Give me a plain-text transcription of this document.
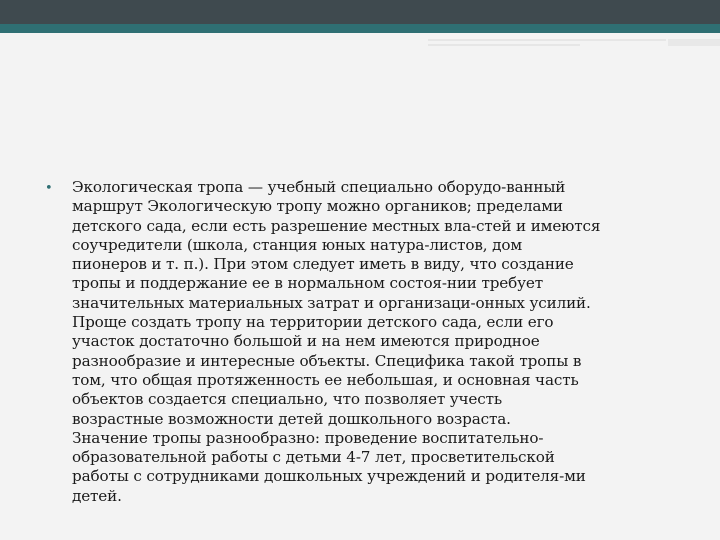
•	Экологическая тропа — учебный специально оборудо-ванный
маршрут Экологическую тропу можно органиков; пределами
детского сада, если есть разрешение местных вла-стей и имеются
соучредители (школа, станция юных натура-листов, дом
пионеров и т. п.). При этом следует иметь в виду, что создание
тропы и поддержание ее в нормальном состоя-нии требует
значительных материальных затрат и организаци-онных усилий.
Проще создать тропу на территории детского сада, если его
участок достаточно большой и на нем имеются природное
разнообразие и интересные объекты. Специфика такой тропы в
том, что общая протяженность ее небольшая, и основная часть
объектов создается специально, что позволяет учесть
возрастные возможности детей дошкольного возраста.
Значение тропы разнообразно: проведение воспитательно-
образовательной работы с детьми 4-7 лет, просветительской
работы с сотрудниками дошкольных учреждений и родителя-ми
детей.
